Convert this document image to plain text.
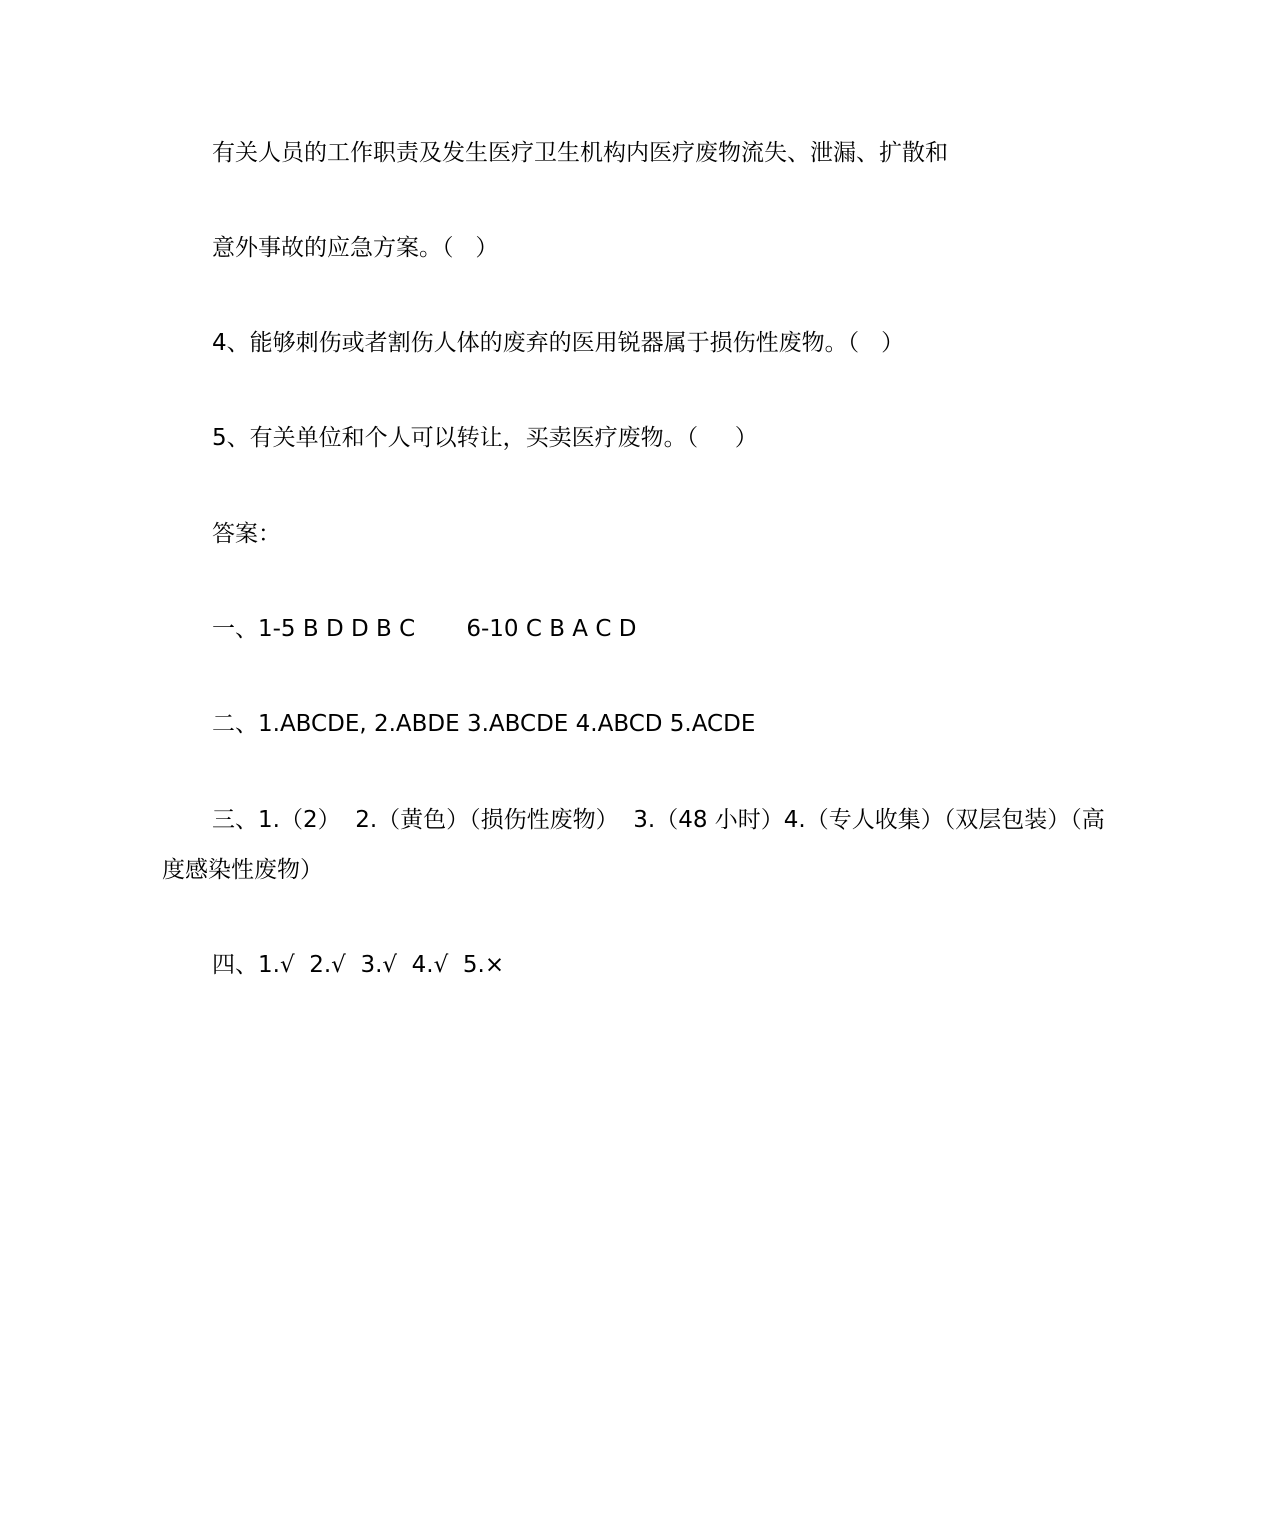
有关人员的工作职责及发生医疗卫生机构内医疗废物流失、泄漏、扩散和
意外事故的应急方案。（   ）
4、能够刺伤或者割伤人体的废弃的医用锐器属于损伤性废物。（   ）
5、有关单位和个人可以转让，买卖医疗废物。（     ）
答案：
一、1-5 B D D B C       6-10 C B A C D
二、1.ABCDE, 2.ABDE 3.ABCDE 4.ABCD 5.ACDE
三、1.（2）  2.（黄色）（损伤性废物）  3.（48 小时）4.（专人收集）（双层包装）（高
度感染性废物）
四、1.√  2.√  3.√  4.√  5.×
